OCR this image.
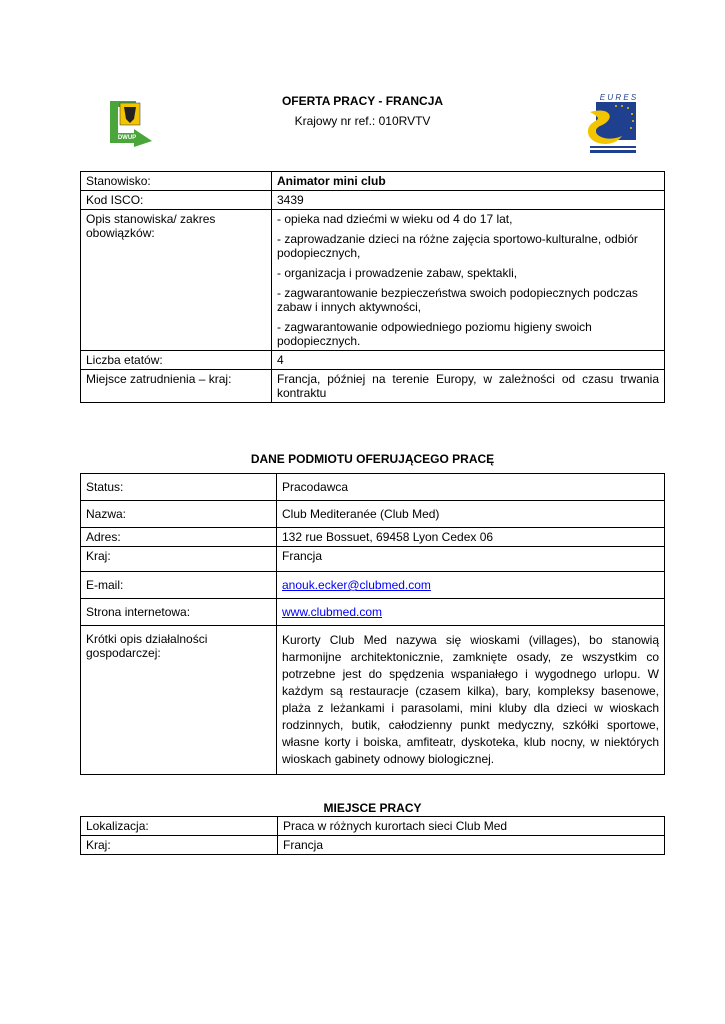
DWUP
E U R E S
OFERTA PRACY - FRANCJA
Krajowy nr ref.: 010RVTV
Stanowisko:	Animator mini club
Kod ISCO:	3439
Opis stanowiska/ zakres obowiązków:	- opieka nad dziećmi w wieku od 4 do 17 lat,

- zaprowadzanie dzieci na różne zajęcia sportowo-kulturalne, odbiór podopiecznych,

- organizacja i prowadzenie zabaw, spektakli,

- zagwarantowanie bezpieczeństwa swoich podopiecznych podczas zabaw i innych aktywności,

- zagwarantowanie odpowiedniego poziomu higieny swoich podopiecznych.

Liczba etatów:	4
Miejsce zatrudnienia – kraj:	Francja, później na terenie Europy, w zależności od czasu trwania kontraktu
DANE PODMIOTU OFERUJĄCEGO PRACĘ
Status:	Pracodawca
Nazwa:	Club Mediteranée (Club Med)
Adres:	132 rue Bossuet, 69458 Lyon Cedex 06
Kraj:	Francja
E-mail:	anouk.ecker@clubmed.com
Strona internetowa:	www.clubmed.com
Krótki opis działalności gospodarczej:	Kurorty Club Med nazywa się wioskami (villages), bo stanowią harmonijne architektonicznie, zamknięte osady, ze wszystkim co potrzebne jest do spędzenia wspaniałego i wygodnego urlopu. W każdym są restauracje (czasem kilka), bary, kompleksy basenowe, plaża z leżankami i parasolami, mini kluby dla dzieci w wioskach rodzinnych, butik, całodzienny punkt medyczny, szkółki sportowe, własne korty i boiska, amfiteatr, dyskoteka, klub nocny, w niektórych wioskach gabinety odnowy biologicznej.
MIEJSCE PRACY
Lokalizacja:	Praca w różnych kurortach sieci Club Med
Kraj:	Francja
